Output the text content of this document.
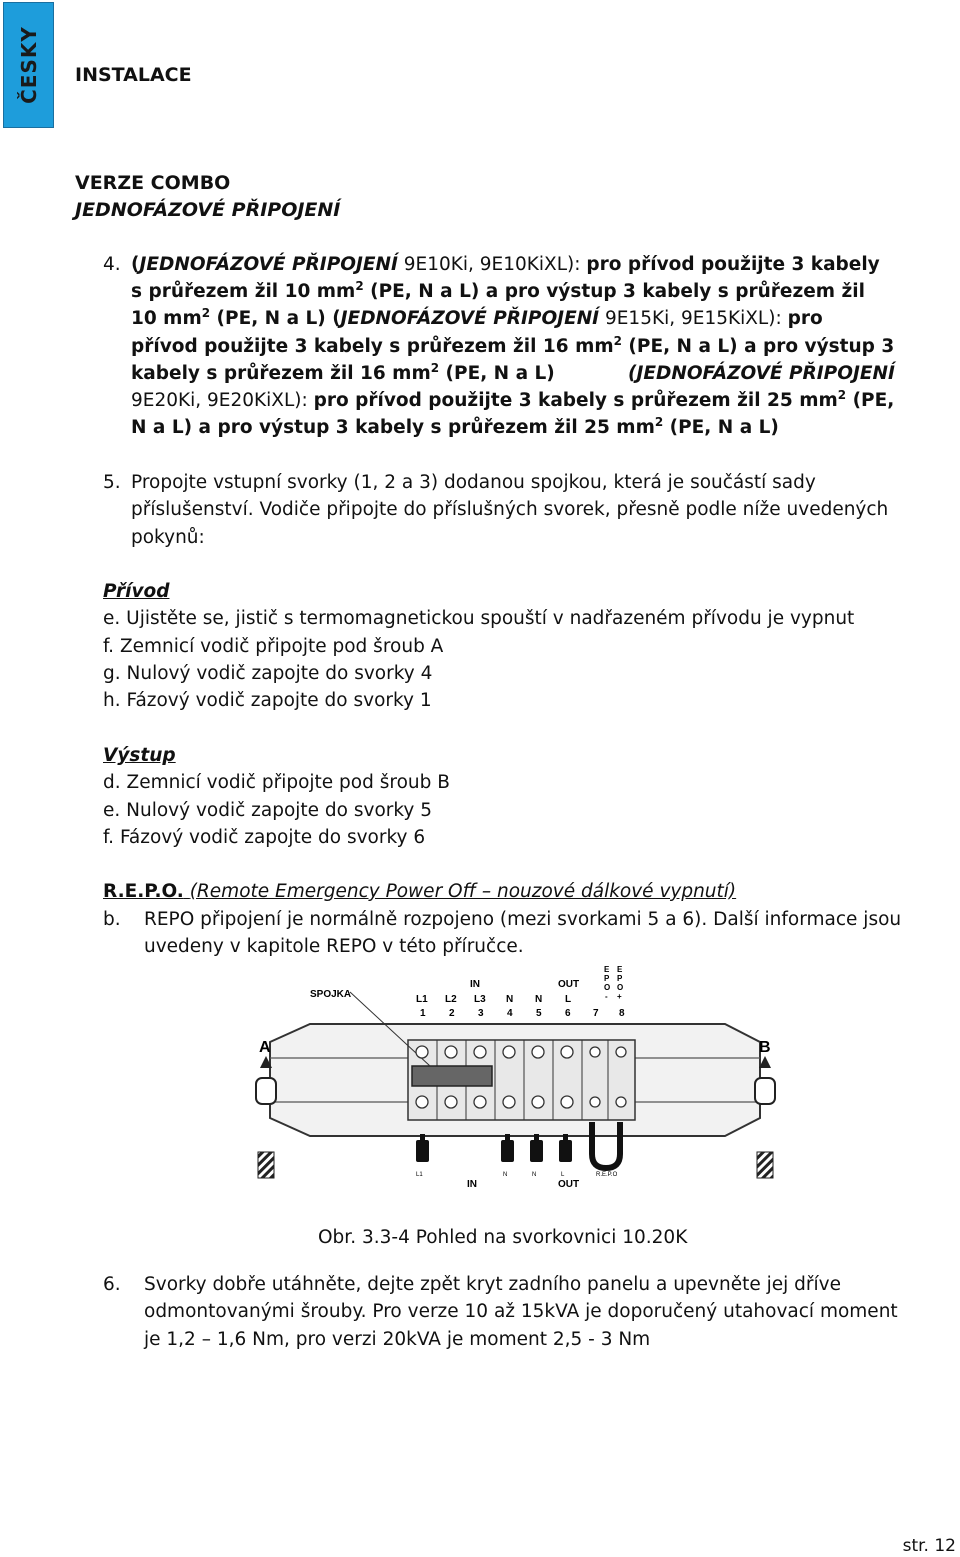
ČESKY INSTALACE
VERZE COMBO
JEDNOFÁZOVÉ PŘIPOJENÍ
4. (JEDNOFÁZOVÉ PŘIPOJENÍ 9E10Ki, 9E10KiXL): pro přívod použijte 3 kabely
s průřezem žil 10 $mm^2$ (PE, N a L) a pro výstup 3 kabely s průřezem žil
10 $mm^2$ (PE, N a L) (JEDNOFÁZOVÉ PŘIPOJENÍ 9E15Ki, 9E15KiXL): pro
přívod použijte 3 kabely s průřezem žil 16 $mm^2$ (PE, N a L) a pro výstup 3
kabely s průřezem žil 16 $mm^2$ (PE, N a L)	(JEDNOFÁZOVÉ PŘIPOJENÍ
9E20Ki, 9E20KiXL): pro přívod použijte 3 kabely s průřezem žil 25 $mm^2$ (PE,
N a L) a pro výstup 3 kabely s průřezem žil 25 $mm^2$ (PE, N a L)
5. Propojte vstupní svorky (1, 2 a 3) dodanou spojkou, která je součástí sady
příslušenství. Vodiče připojte do příslušných svorek, přesně podle níže uvedených
pokynů:
Přívod
e. Ujistěte se, jistič s termomagnetickou spouští v nadřazeném přívodu je vypnut
f. Zemnicí vodič připojte pod šroub A
g. Nulový vodič zapojte do svorky 4
h. Fázový vodič zapojte do svorky 1
Výstup
d. Zemnicí vodič připojte pod šroub B
e. Nulový vodič zapojte do svorky 5
f. Fázový vodič zapojte do svorky 6
R.E.P.O. (Remote Emergency Power Off – nouzové dálkové vypnutí)
b. REPO připojení je normálně rozpojeno (mezi svorkami 5 a 6). Další informace jsou
uvedeny v kapitole REPO v této příručce.
SPOJKA
IN	OUT
L1 L2 L3 N N L
1 2 3 4 5 6 7 8
E
P
O
-
E
P
O
+
A	B
L1	N	N	L	R.E.P.O
IN	OUT
Obr. 3.3-4 Pohled na svorkovnici 10.20K
6. Svorky dobře utáhněte, dejte zpět kryt zadního panelu a upevněte jej dříve
odmontovanými šrouby. Pro verze 10 až 15kVA je doporučený utahovací moment
je 1,2 – 1,6 Nm, pro verzi 20kVA je moment 2,5 - 3 Nm
str. 12
